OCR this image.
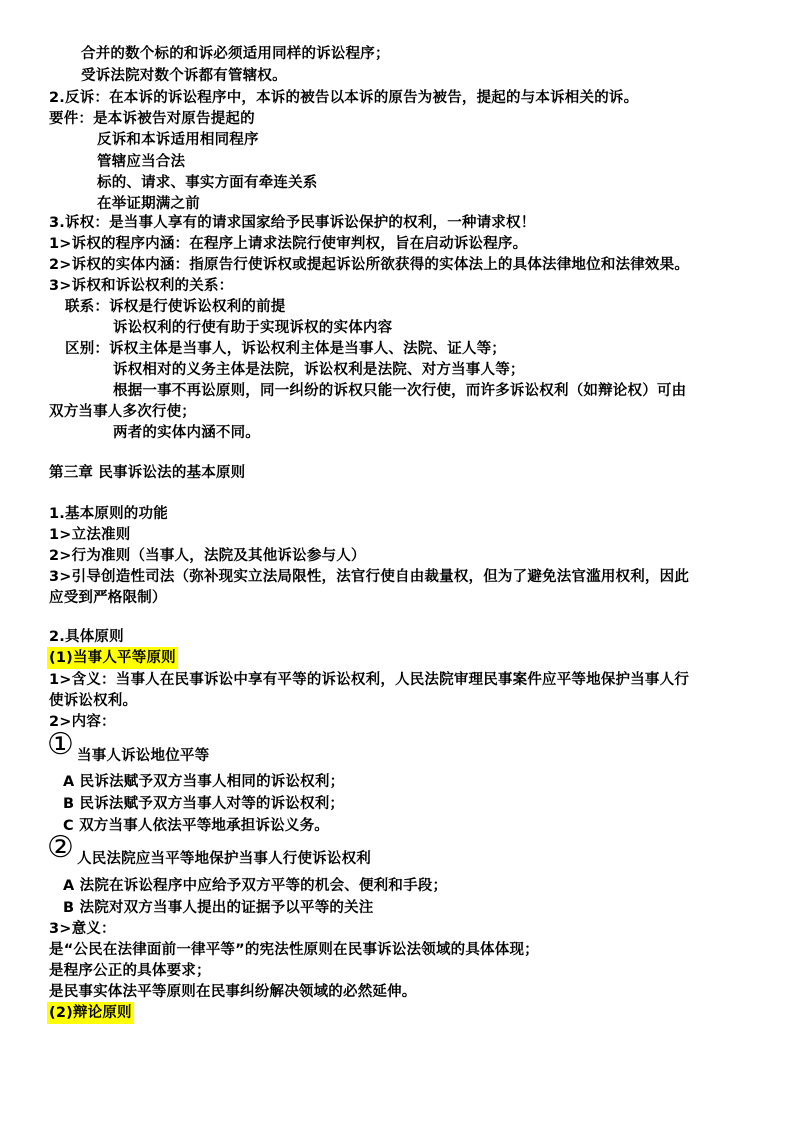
合并的数个标的和诉必须适用同样的诉讼程序；
受诉法院对数个诉都有管辖权。
2.反诉：在本诉的诉讼程序中，本诉的被告以本诉的原告为被告，提起的与本诉相关的诉。
要件：是本诉被告对原告提起的
反诉和本诉适用相同程序
管辖应当合法
标的、请求、事实方面有牵连关系
在举证期满之前
3.诉权：是当事人享有的请求国家给予民事诉讼保护的权利，一种请求权！
1>诉权的程序内涵：在程序上请求法院行使审判权，旨在启动诉讼程序。
2>诉权的实体内涵：指原告行使诉权或提起诉讼所欲获得的实体法上的具体法律地位和法律效果。
3>诉权和诉讼权利的关系：
联系：诉权是行使诉讼权利的前提
诉讼权利的行使有助于实现诉权的实体内容
区别：诉权主体是当事人，诉讼权利主体是当事人、法院、证人等；
诉权相对的义务主体是法院，诉讼权利是法院、对方当事人等；
根据一事不再讼原则，同一纠纷的诉权只能一次行使，而许多诉讼权利（如辩论权）可由
双方当事人多次行使；
两者的实体内涵不同。
第三章 民事诉讼法的基本原则
1.基本原则的功能
1>立法准则
2>行为准则（当事人，法院及其他诉讼参与人）
3>引导创造性司法（弥补现实立法局限性，法官行使自由裁量权，但为了避免法官滥用权利，因此
应受到严格限制）
2.具体原则
(1)当事人平等原则
1>含义：当事人在民事诉讼中享有平等的诉讼权利，人民法院审理民事案件应平等地保护当事人行
使诉讼权利。
2>内容：
① 当事人诉讼地位平等
A 民诉法赋予双方当事人相同的诉讼权利；
B 民诉法赋予双方当事人对等的诉讼权利；
C 双方当事人依法平等地承担诉讼义务。
② 人民法院应当平等地保护当事人行使诉讼权利
A 法院在诉讼程序中应给予双方平等的机会、便利和手段；
B 法院对双方当事人提出的证据予以平等的关注
3>意义：
是“公民在法律面前一律平等”的宪法性原则在民事诉讼法领域的具体体现；
是程序公正的具体要求；
是民事实体法平等原则在民事纠纷解决领域的必然延伸。
(2)辩论原则
